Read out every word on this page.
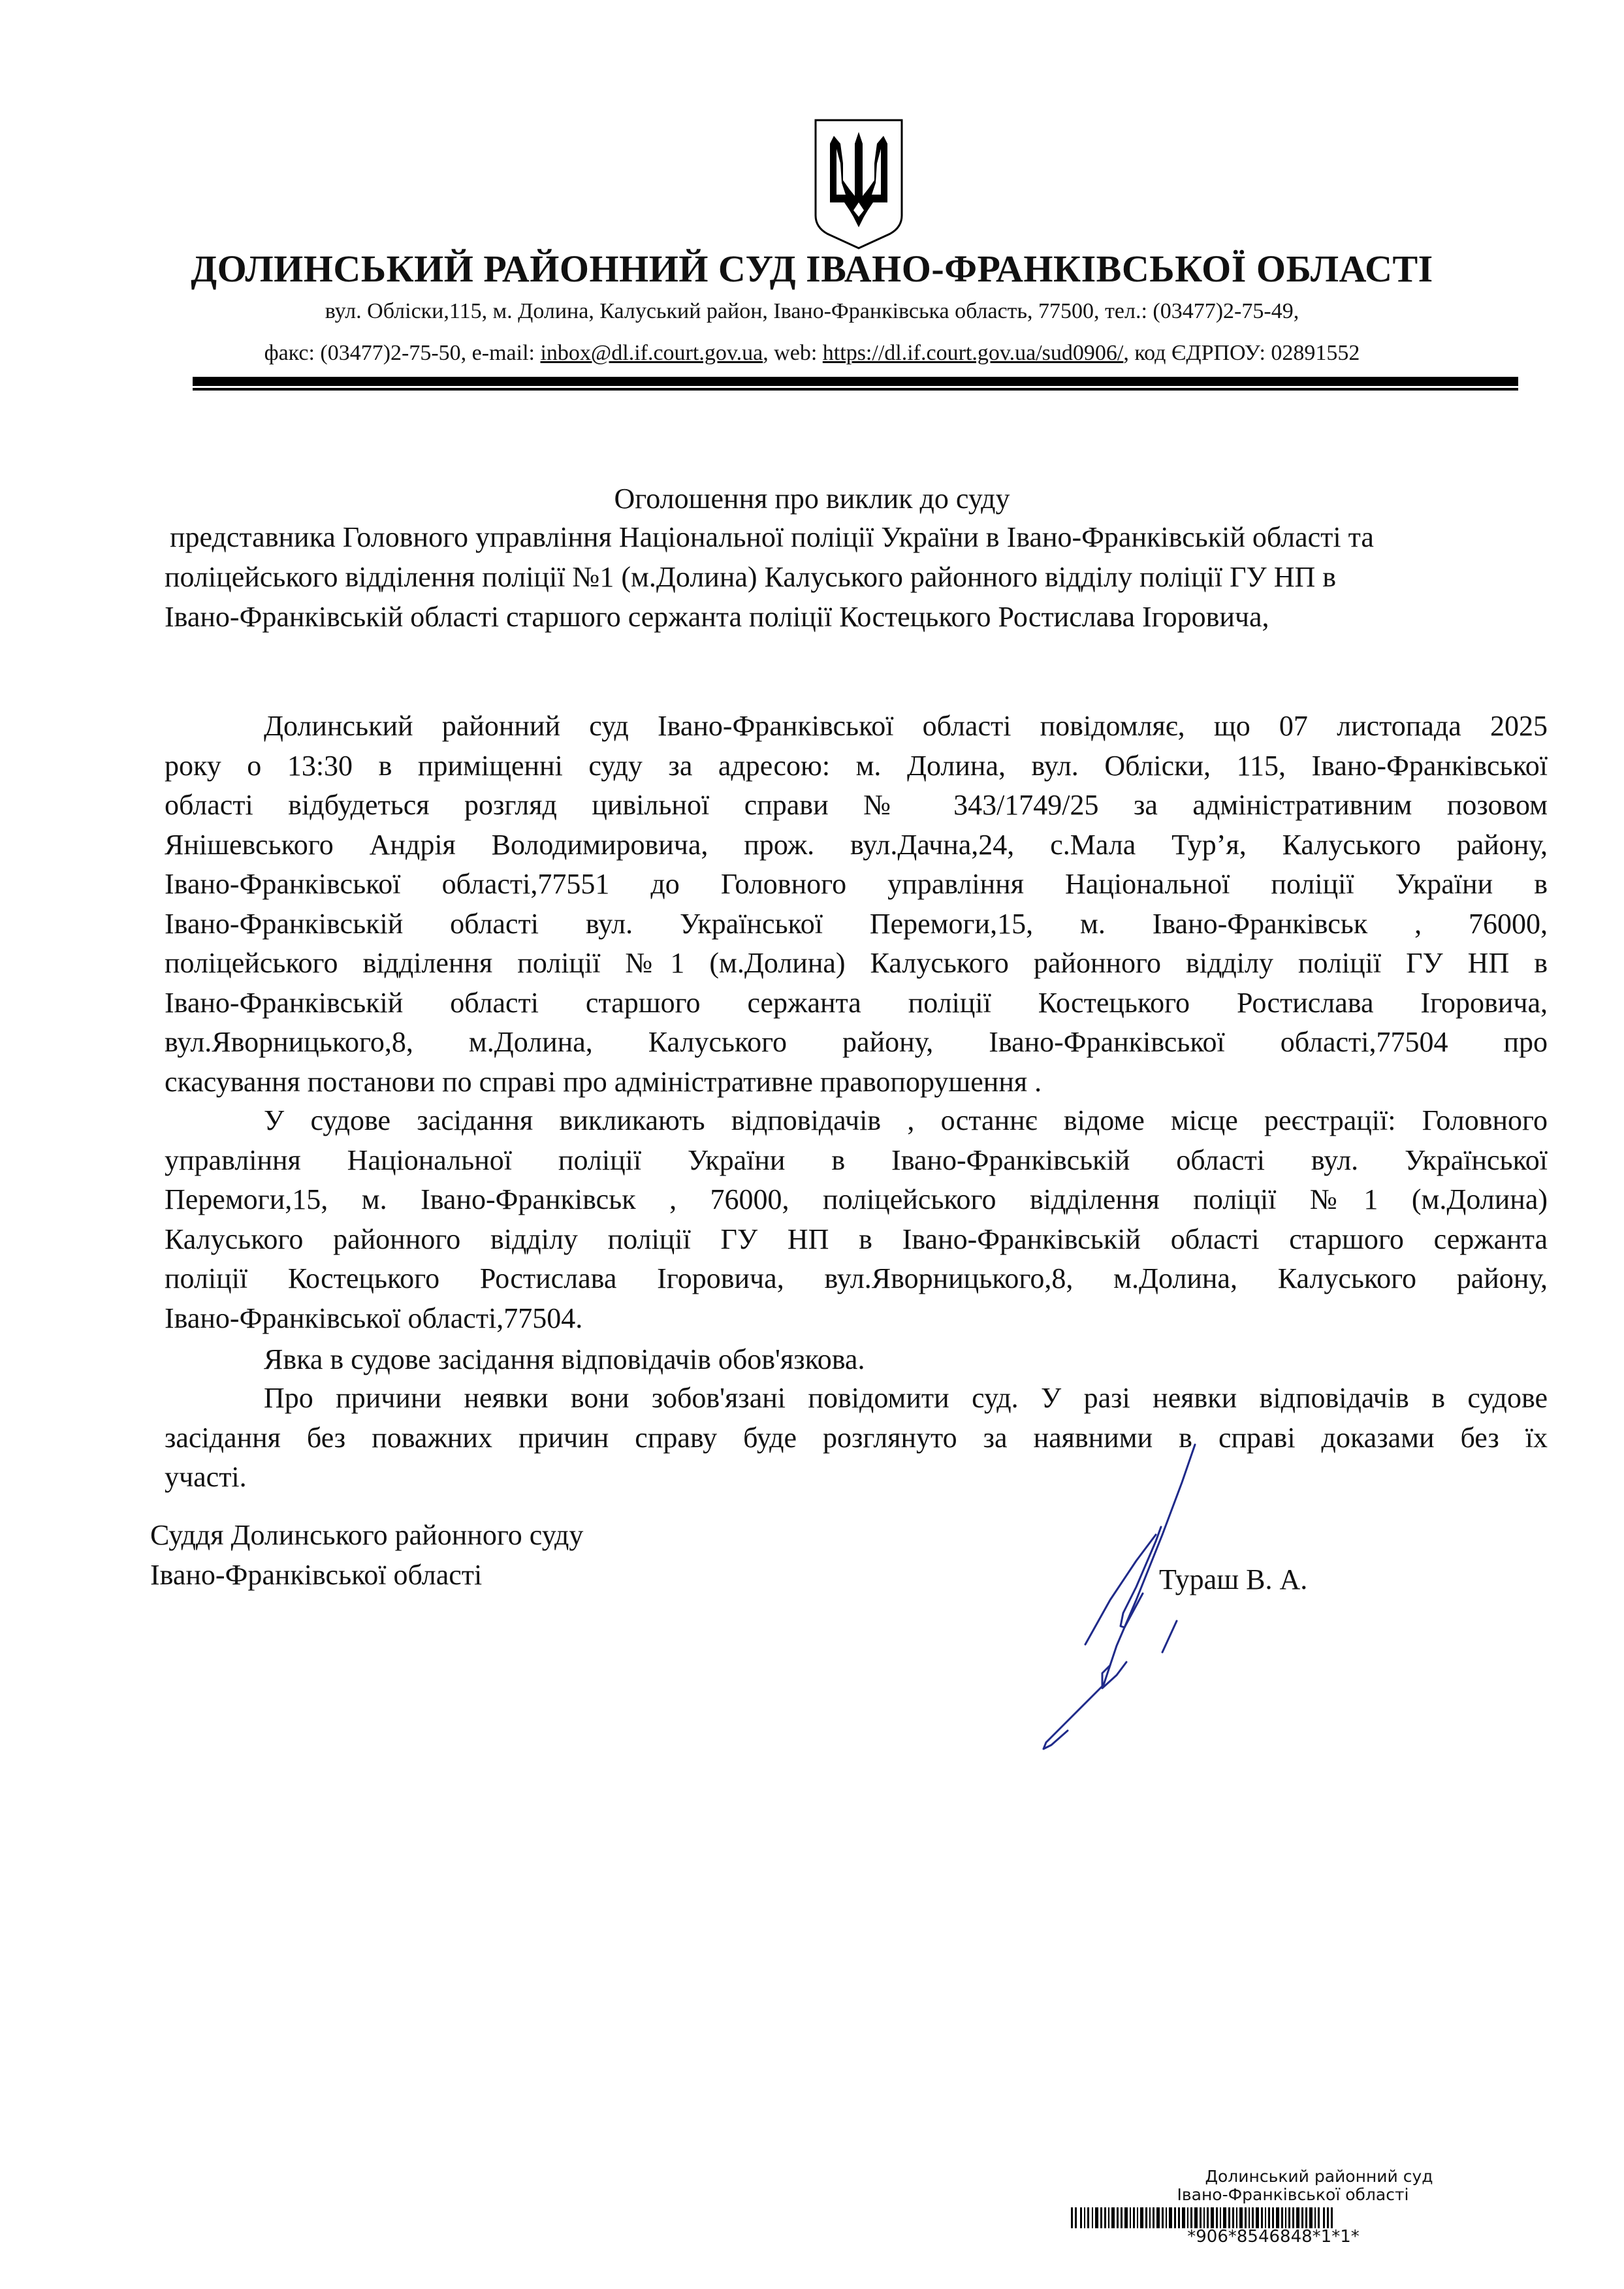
ДОЛИНСЬКИЙ РАЙОННИЙ СУД ІВАНО-ФРАНКІВСЬКОЇ ОБЛАСТІ
вул. Обліски,115, м. Долина, Калуський район, Івано-Франківська область, 77500, тел.: (03477)2-75-49,
факс: (03477)2-75-50, e-mail: inbox@dl.if.court.gov.ua, web: https://dl.if.court.gov.ua/sud0906/, код ЄДРПОУ: 02891552
Оголошення про виклик до суду
представника Головного управління Національної поліції України в Івано-Франківській області та
поліцейського відділення поліції №1 (м.Долина) Калуського районного відділу поліції ГУ НП в
Івано-Франківській області старшого сержанта поліції Костецького Ростислава Ігоровича,
Долинський районний суд Івано-Франківської області повідомляє, що 07 листопада 2025
року о 13:30 в приміщенні суду за адресою: м. Долина, вул. Обліски, 115, Івано-Франківської
області відбудеться розгляд цивільної справи № 343/1749/25 за адміністративним позовом
Янішевського Андрія Володимировича, прож. вул.Дачна,24, с.Мала Тур’я, Калуського району,
Івано-Франківської області,77551 до Головного управління Національної поліції України в
Івано-Франківській області вул. Української Перемоги,15, м. Івано-Франківськ , 76000,
поліцейського відділення поліції №1 (м.Долина) Калуського районного відділу поліції ГУ НП в
Івано-Франківській області старшого сержанта поліції Костецького Ростислава Ігоровича,
вул.Яворницького,8, м.Долина, Калуського району, Івано-Франківської області,77504 про
скасування постанови по справі про адміністративне правопорушення .
У судове засідання викликають відповідачів , останнє відоме місце реєстрації: Головного
управління Національної поліції України в Івано-Франківській області вул. Української
Перемоги,15, м. Івано-Франківськ , 76000, поліцейського відділення поліції №1 (м.Долина)
Калуського районного відділу поліції ГУ НП в Івано-Франківській області старшого сержанта
поліції Костецького Ростислава Ігоровича, вул.Яворницького,8, м.Долина, Калуського району,
Івано-Франківської області,77504.
Явка в судове засідання відповідачів обов'язкова.
Про причини неявки вони зобов'язані повідомити суд. У разі неявки відповідачів в судове
засідання без поважних причин справу буде розглянуто за наявними в справі доказами без їх
участі.
Суддя Долинського районного суду
Івано-Франківської області	Тураш В. А.
Долинський районний суд
Івано-Франківської області
*906*8546848*1*1*
